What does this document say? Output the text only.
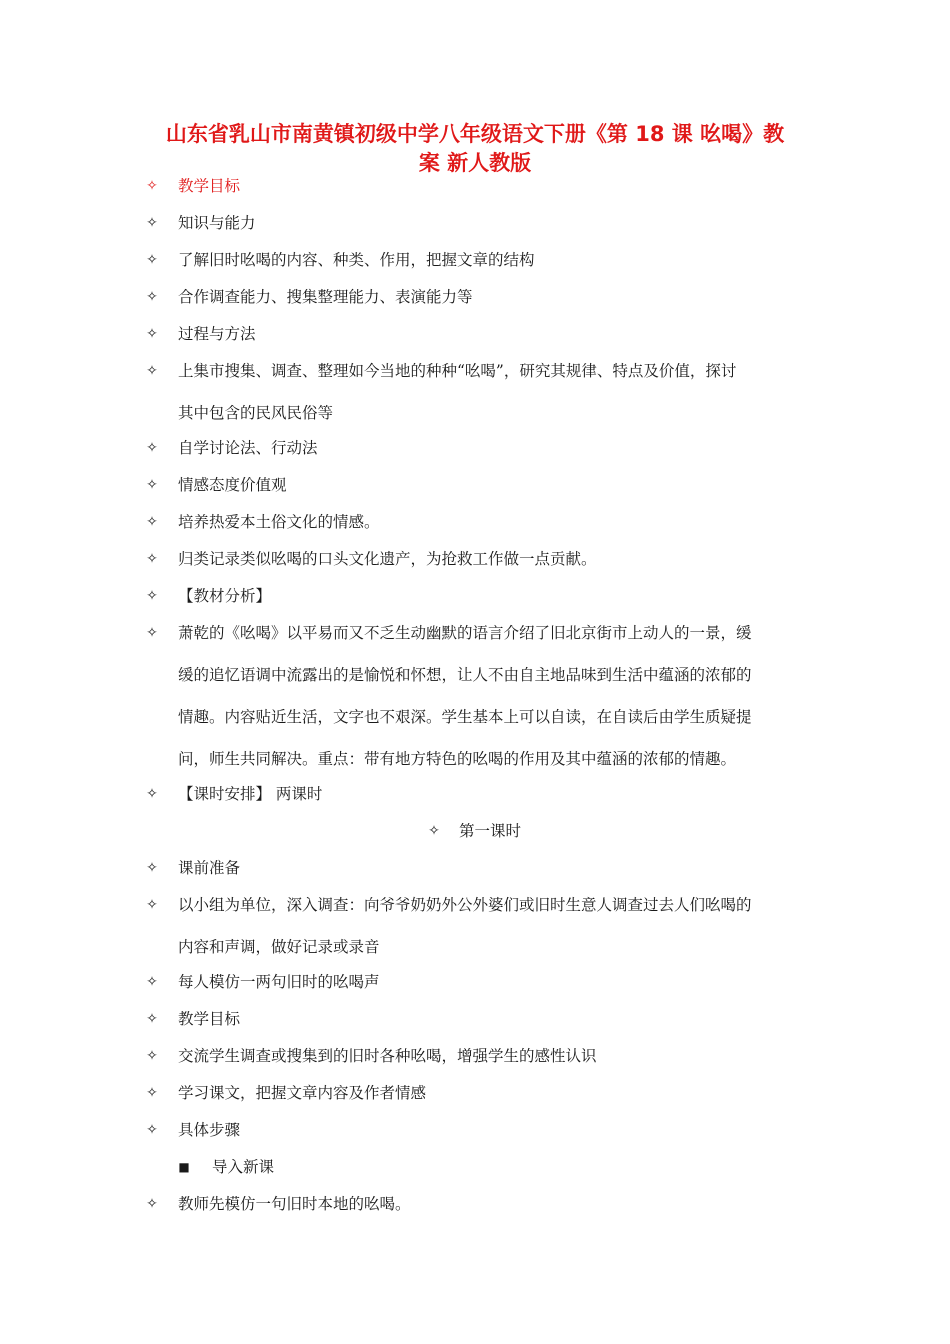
山东省乳山市南黄镇初级中学八年级语文下册《第 18 课 吆喝》教
案 新人教版
✧ 教学目标
✧ 知识与能力
✧ 了解旧时吆喝的内容、种类、作用，把握文章的结构
✧ 合作调查能力、搜集整理能力、表演能力等
✧ 过程与方法
✧ 上集市搜集、调查、整理如今当地的种种“吆喝”，研究其规律、特点及价值，探讨
其中包含的民风民俗等
✧ 自学讨论法、行动法
✧ 情感态度价值观
✧ 培养热爱本土俗文化的情感。
✧ 归类记录类似吆喝的口头文化遗产，为抢救工作做一点贡献。
✧ 【教材分析】
✧ 萧乾的《吆喝》以平易而又不乏生动幽默的语言介绍了旧北京街市上动人的一景，缓
缓的追忆语调中流露出的是愉悦和怀想，让人不由自主地品味到生活中蕴涵的浓郁的
情趣。内容贴近生活，文字也不艰深。学生基本上可以自读，在自读后由学生质疑提
问，师生共同解决。重点：带有地方特色的吆喝的作用及其中蕴涵的浓郁的情趣。
✧ 【课时安排】 两课时
✧ 第一课时
✧ 课前准备
✧ 以小组为单位，深入调查：向爷爷奶奶外公外婆们或旧时生意人调查过去人们吆喝的
内容和声调，做好记录或录音
✧ 每人模仿一两句旧时的吆喝声
✧ 教学目标
✧ 交流学生调查或搜集到的旧时各种吆喝，增强学生的感性认识
✧ 学习课文，把握文章内容及作者情感
✧ 具体步骤
■ 导入新课
✧ 教师先模仿一句旧时本地的吆喝。
